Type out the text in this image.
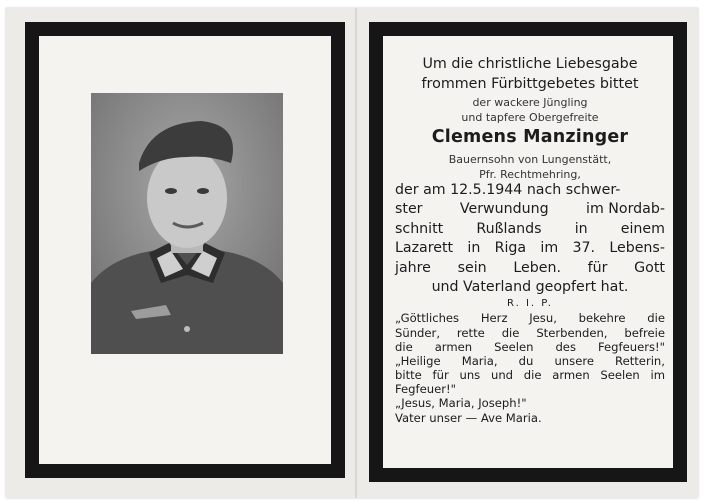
Um die christliche Liebesgabe

frommen Fürbittgebetes bittet

der wackere Jüngling

und tapfere Obergefreite

Clemens Manzinger

Bauernsohn von Lungenstätt,

Pfr. Rechtmehring,

der am 12.5.1944 nach schwer-
ster	Verwundung	im Nordab-
schnitt Rußlands in einem
Lazarett in Riga im 37. Lebens-
jahre sein Leben. für Gott
und Vaterland geopfert hat.

R. I. P.

„Göttliches Herz Jesu, bekehre die
Sünder, rette die Sterbenden, befreie
die armen Seelen des Fegfeuers!"
„Heilige Maria, du unsere Retterin,
bitte für uns und die armen Seelen im
Fegfeuer!"
„Jesus, Maria, Joseph!"
Vater unser — Ave Maria.
